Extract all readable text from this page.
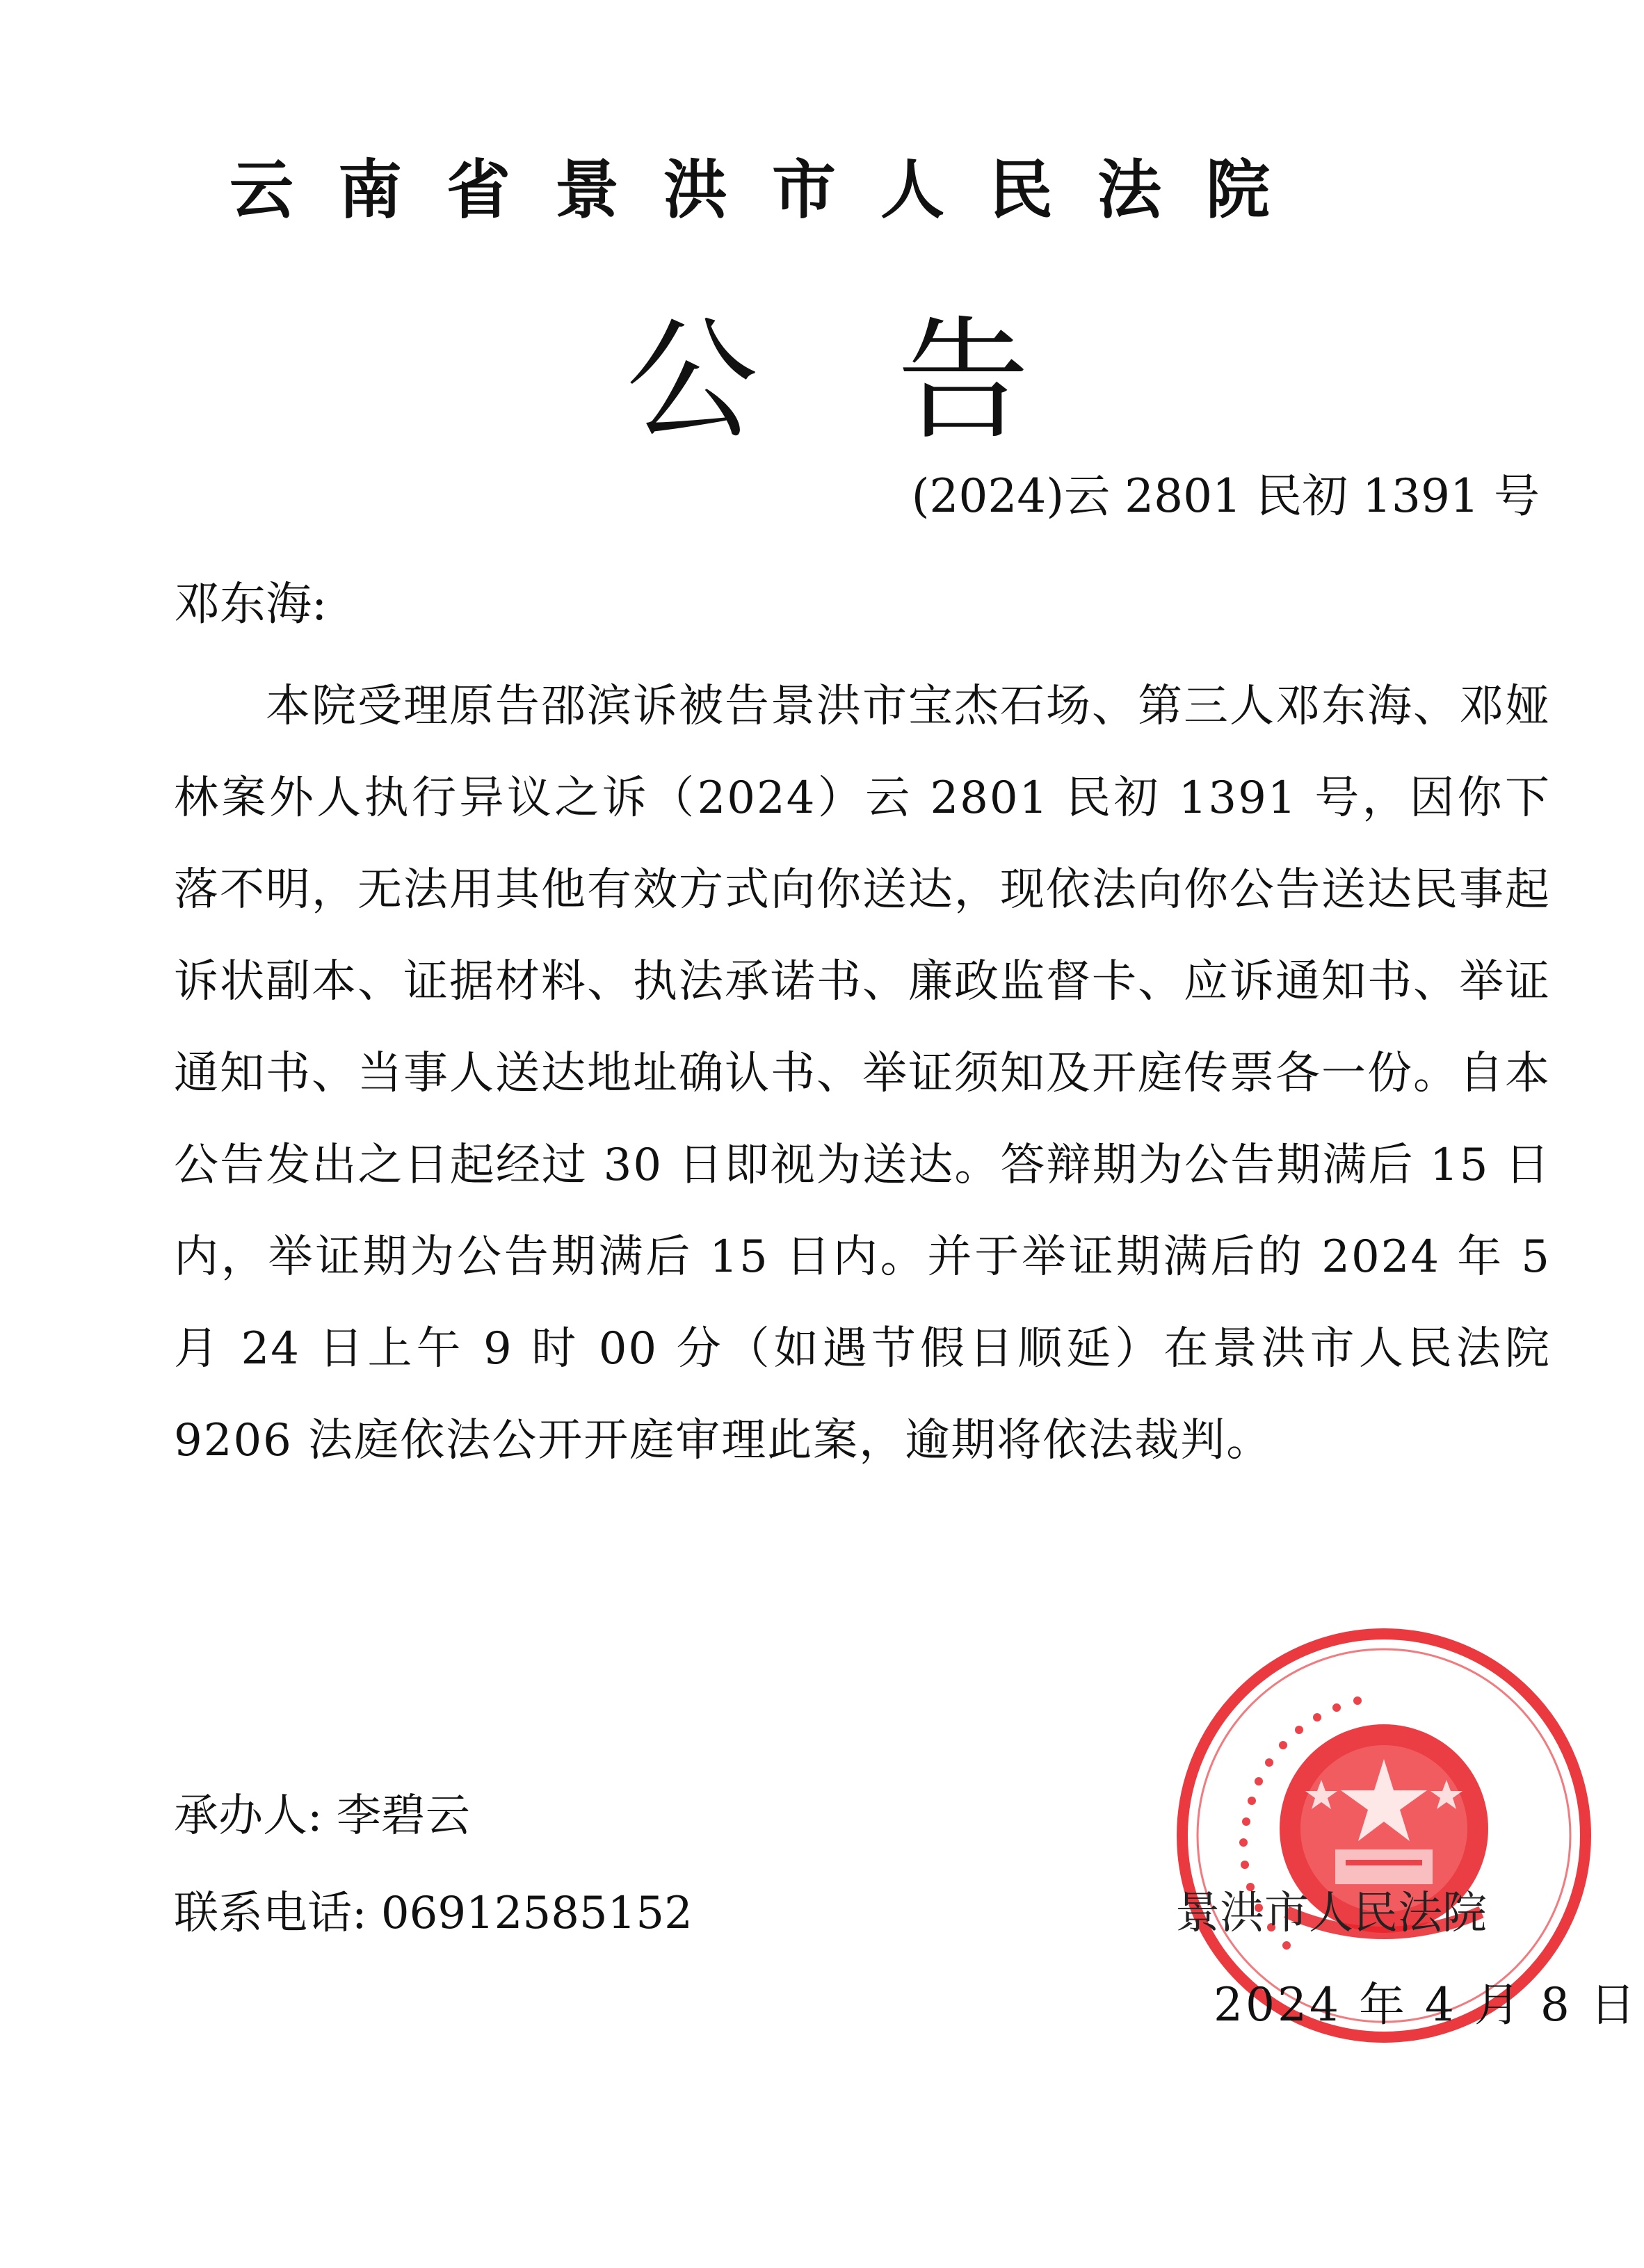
云南省景洪市人民法院
公告
(2024)云 2801 民初 1391 号
邓东海:
本院受理原告邵滨诉被告景洪市宝杰石场、第三人邓东海、邓娅林案外人执行异议之诉（2024）云 2801 民初 1391 号，因你下落不明，无法用其他有效方式向你送达，现依法向你公告送达民事起诉状副本、证据材料、执法承诺书、廉政监督卡、应诉通知书、举证通知书、当事人送达地址确认书、举证须知及开庭传票各一份。自本公告发出之日起经过 30 日即视为送达。答辩期为公告期满后 15 日内，举证期为公告期满后 15 日内。并于举证期满后的 2024 年 5 月 24 日上午 9 时 00 分（如遇节假日顺延）在景洪市人民法院 9206 法庭依法公开开庭审理此案，逾期将依法裁判。
承办人: 李碧云
联系电话: 06912585152	景洪市人民法院
2024 年 4 月 8 日
